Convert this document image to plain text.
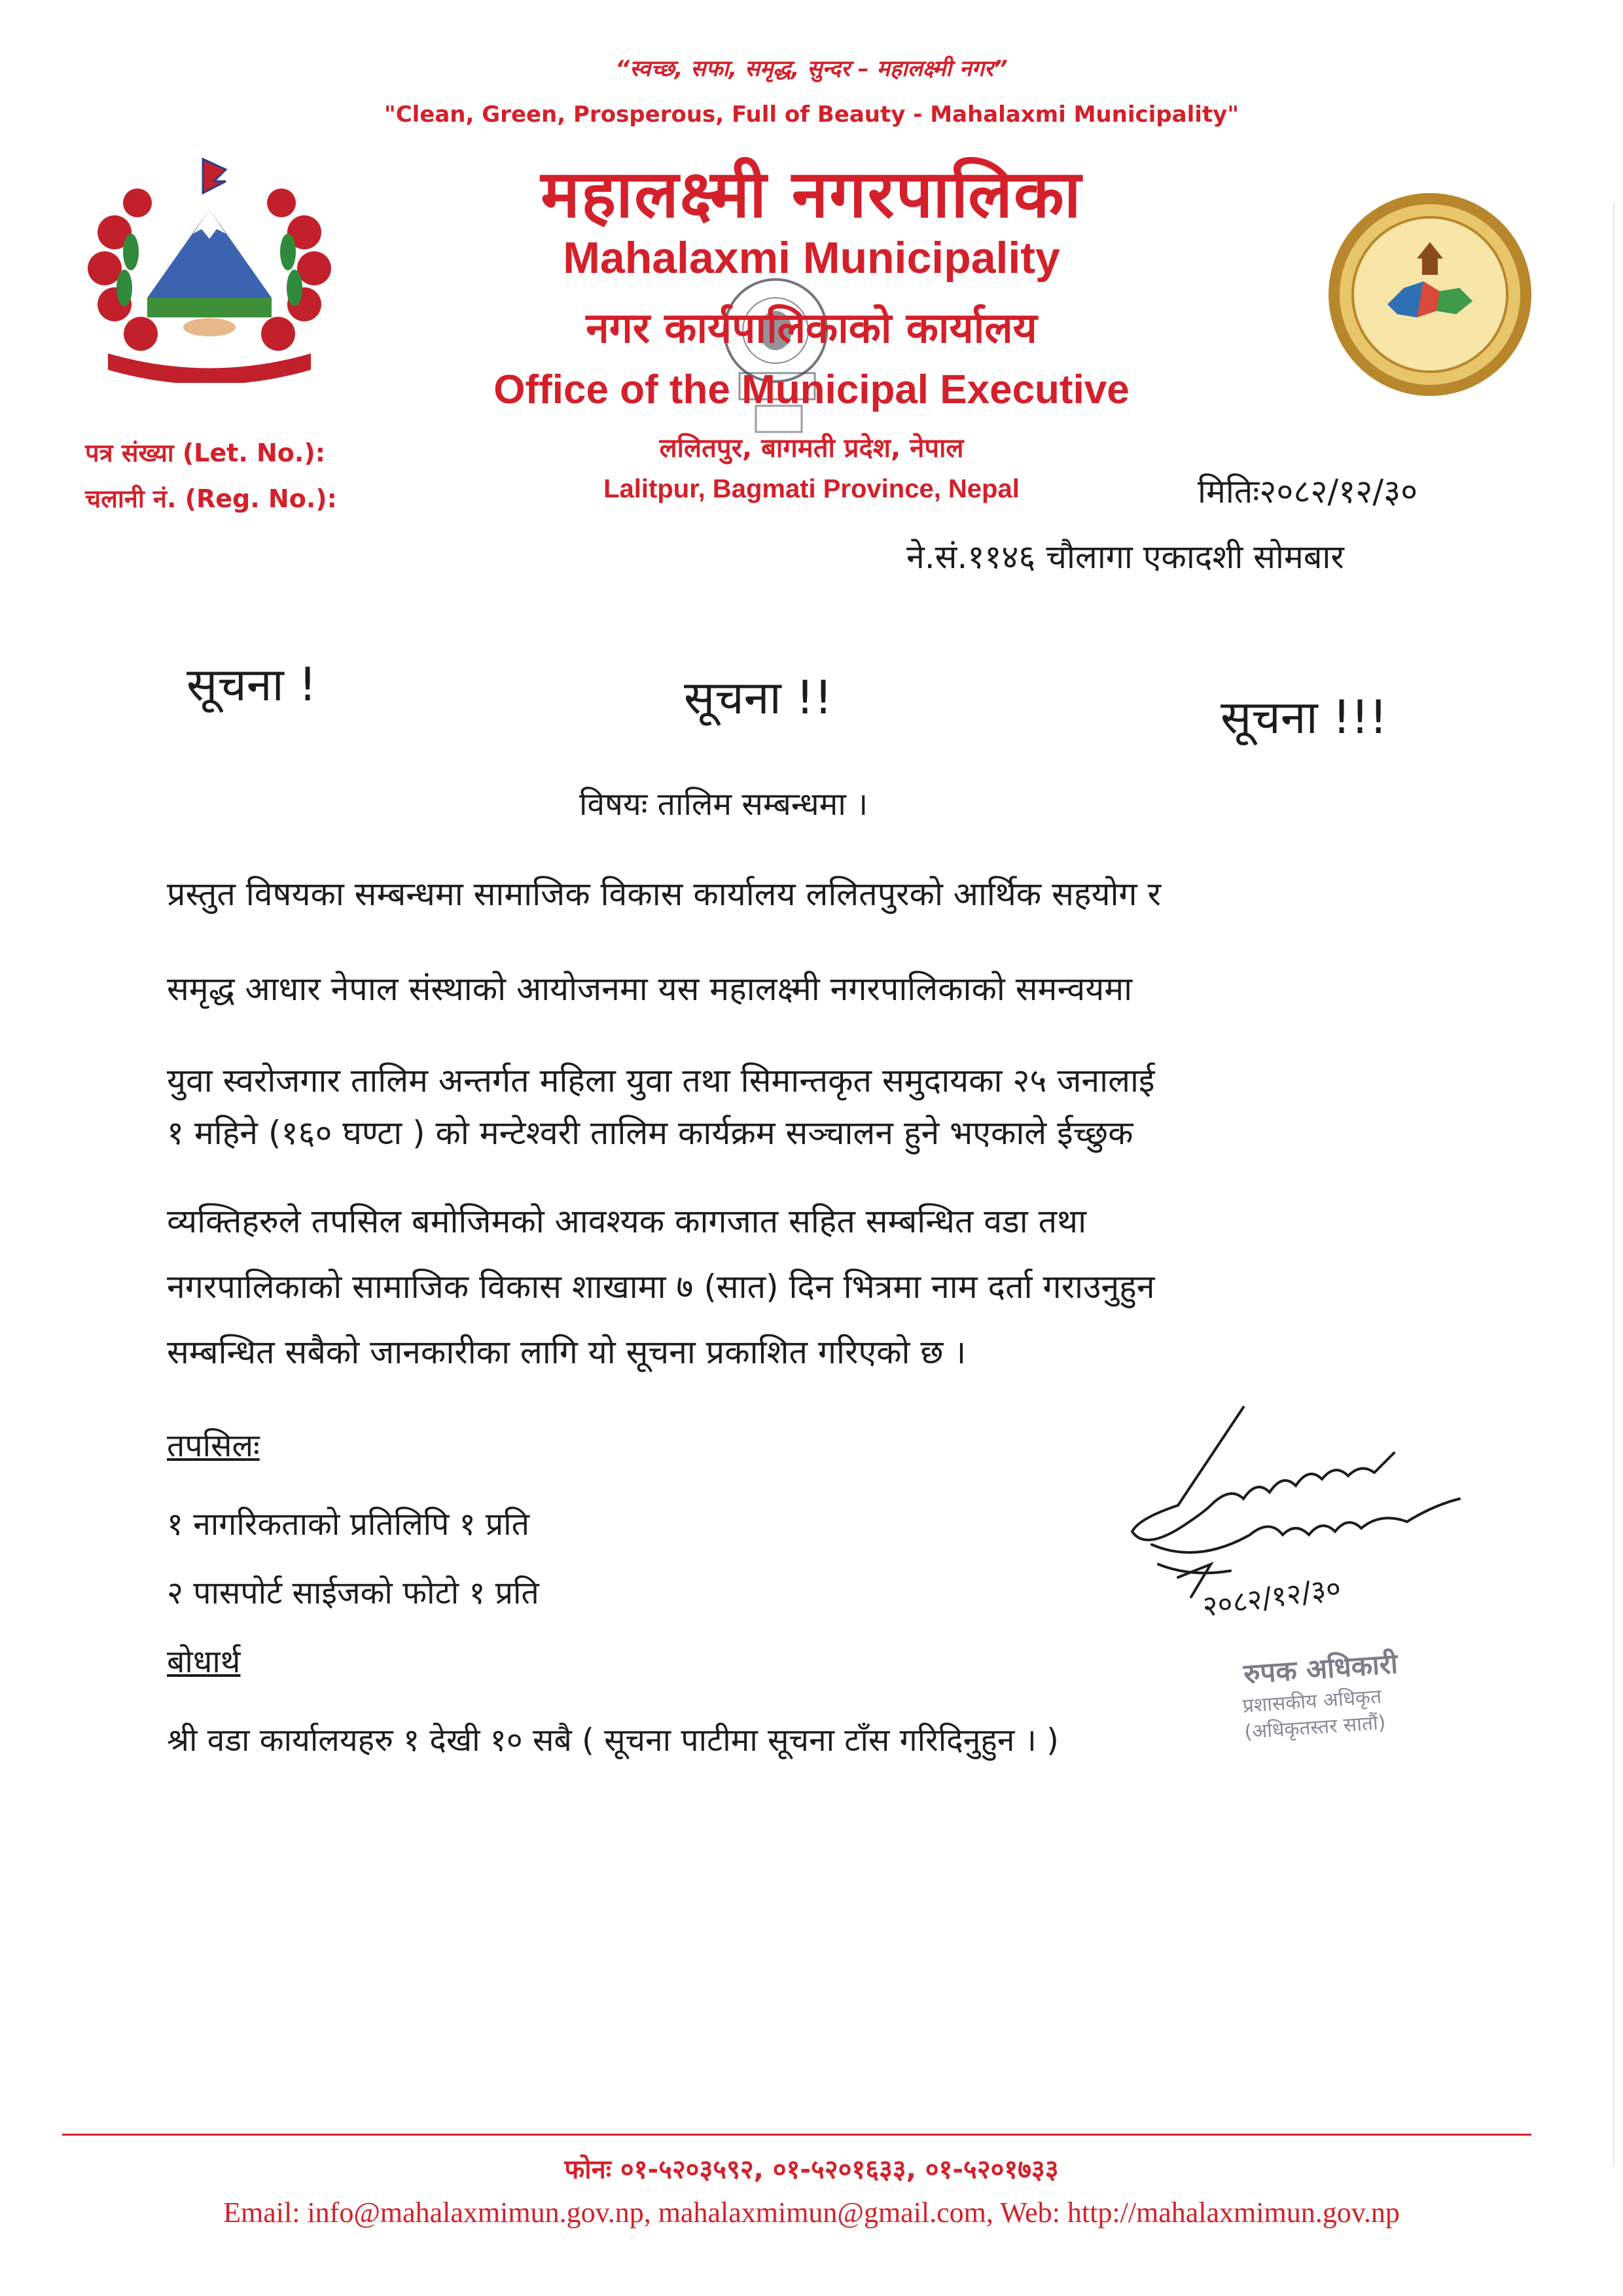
“स्वच्छ, सफा, समृद्ध, सुन्दर – महालक्ष्मी नगर”
"Clean, Green, Prosperous, Full of Beauty - Mahalaxmi Municipality"
महालक्ष्मी नगरपालिका
Mahalaxmi Municipality
नगर कार्यपालिकाको कार्यालय
Office of the Municipal Executive
ललितपुर, बागमती प्रदेश, नेपाल
Lalitpur, Bagmati Province, Nepal
पत्र संख्या (Let. No.):
चलानी नं. (Reg. No.):	मितिः२०८२/१२/३०
ने.सं.११४६ चौलागा एकादशी सोमबार
सूचना !	सूचना !!	सूचना !!!
विषयः तालिम सम्बन्धमा ।
प्रस्तुत विषयका सम्बन्धमा सामाजिक विकास कार्यालय ललितपुरको आर्थिक सहयोग र
समृद्ध आधार नेपाल संस्थाको आयोजनमा यस महालक्ष्मी नगरपालिकाको समन्वयमा
युवा स्वरोजगार तालिम अन्तर्गत महिला युवा तथा सिमान्तकृत समुदायका २५ जनालाई
१ महिने (१६० घण्टा ) को मन्टेश्वरी तालिम कार्यक्रम सञ्चालन हुने भएकाले ईच्छुक
व्यक्तिहरुले तपसिल बमोजिमको आवश्यक कागजात सहित सम्बन्धित वडा तथा
नगरपालिकाको सामाजिक विकास शाखामा ७ (सात) दिन भित्रमा नाम दर्ता गराउनुहुन
सम्बन्धित सबैको जानकारीका लागि यो सूचना प्रकाशित गरिएको छ ।
तपसिलः
१ नागरिकताको प्रतिलिपि १ प्रति
२ पासपोर्ट साईजको फोटो १ प्रति
बोधार्थ
श्री वडा कार्यालयहरु १ देखी १० सबै ( सूचना पाटीमा सूचना टाँस गरिदिनुहुन । )
२०८२/१२/३०
रुपक अधिकारी
प्रशासकीय अधिकृत
(अधिकृतस्तर सातौं)
फोनः ०१-५२०३५९२, ०१-५२०१६३३, ०१-५२०१७३३
Email: info@mahalaxmimun.gov.np, mahalaxmimun@gmail.com, Web: http://mahalaxmimun.gov.np
